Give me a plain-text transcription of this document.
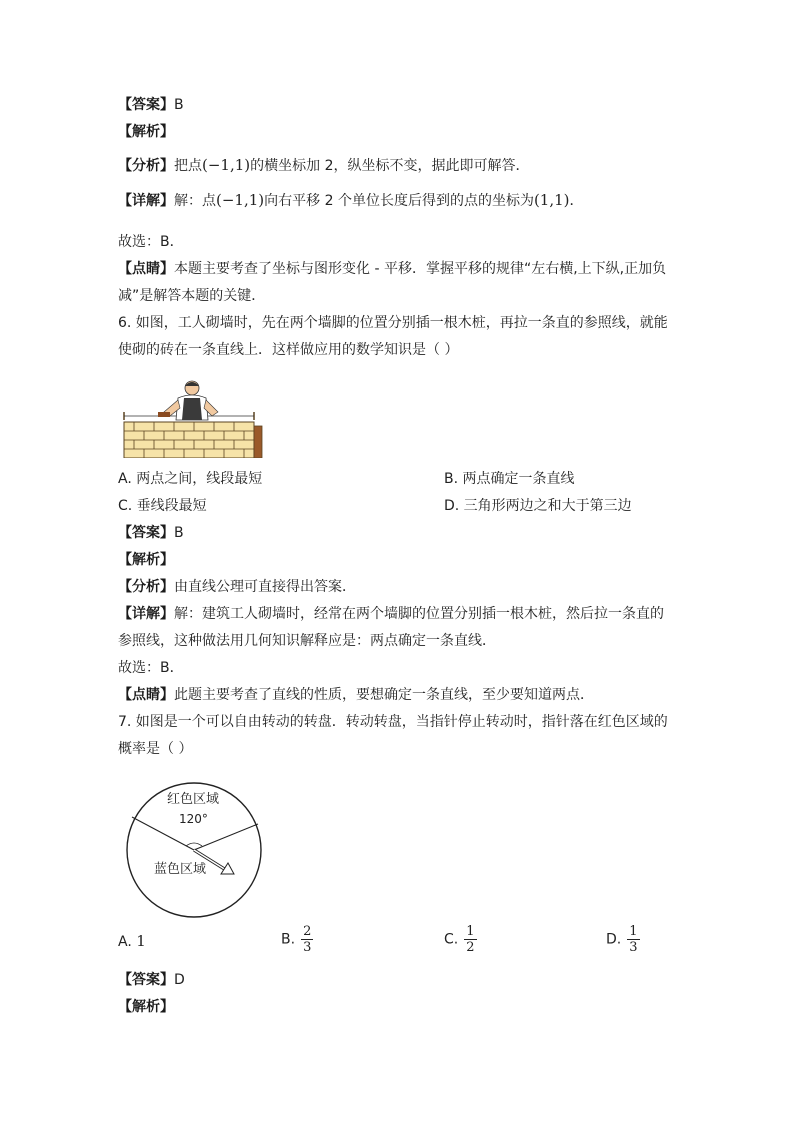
【答案】B
【解析】
【分析】把点(−1,1)的横坐标加 2，纵坐标不变，据此即可解答．
【详解】解：点(−1,1)向右平移 2 个单位长度后得到的点的坐标为(1,1)．
故选：B．
【点睛】本题主要考查了坐标与图形变化 - 平移．掌握平移的规律“左右横,上下纵,正加负
减”是解答本题的关键．
6. 如图，工人砌墙时，先在两个墙脚的位置分别插一根木桩，再拉一条直的参照线，就能
使砌的砖在一条直线上．这样做应用的数学知识是（ ）
A. 两点之间，线段最短	B. 两点确定一条直线
C. 垂线段最短	D. 三角形两边之和大于第三边
【答案】B
【解析】
【分析】由直线公理可直接得出答案．
【详解】解：建筑工人砌墙时，经常在两个墙脚的位置分别插一根木桩，然后拉一条直的
参照线，这种做法用几何知识解释应是：两点确定一条直线．
故选：B．
【点睛】此题主要考查了直线的性质，要想确定一条直线，至少要知道两点．
7. 如图是一个可以自由转动的转盘．转动转盘，当指针停止转动时，指针落在红色区域的
概率是（ ）
红色区域
120°
蓝色区域
A. 1	B. $\frac{2}{3}$	C. $\frac{1}{2}$	D. $\frac{1}{3}$
【答案】D
【解析】
